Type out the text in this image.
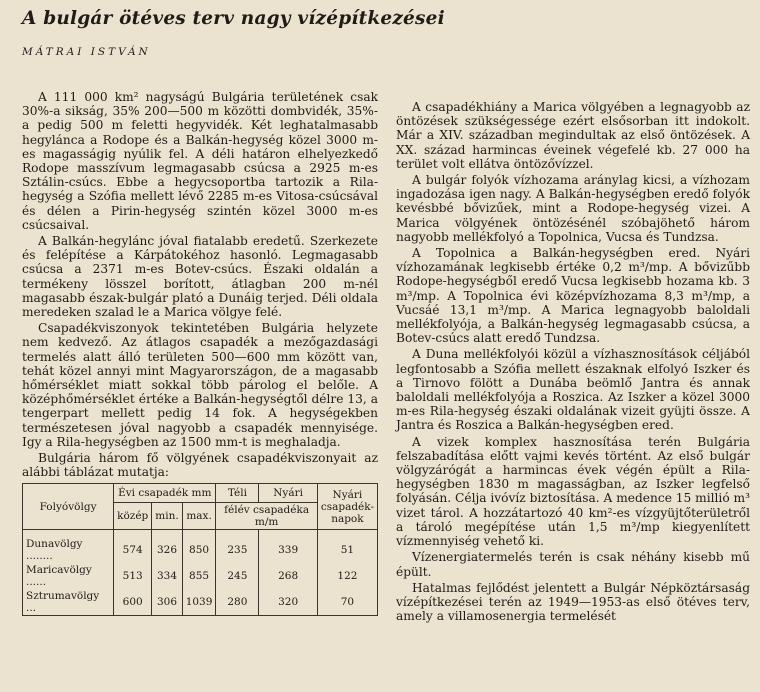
A bulgár ötéves terv nagy vízépítkezései
MÁTRAI ISTVÁN

A 111 000 km² nagyságú Bulgária területének csak 30%-a sikság, 35% 200—500 m közötti dombvidék, 35%-a pedig 500 m feletti hegyvidék. Két leghatalmasabb hegylánca a Rodope és a Balkán-hegység közel 3000 m-es magasságig nyúlik fel. A déli határon elhelyezkedő Rodope masszívum legmagasabb csúcsa a 2925 m-es Sztálin-csúcs. Ebbe a hegycsoportba tartozik a Rila-hegység a Szófia mellett lévő 2285 m-es Vitosa-csúcsával és délen a Pirin-hegység szintén közel 3000 m-es csúcsaival.

A Balkán-hegylánc jóval fiatalabb eredetű. Szerkezete és felépítése a Kárpátokéhoz hasonló. Legmagasabb csúcsa a 2371 m-es Botev-csúcs. Északi oldalán a termékeny lösszel borított, átlagban 200 m-nél magasabb észak-bulgár plató a Dunáig terjed. Déli oldala meredeken szalad le a Marica völgye felé.

Csapadékviszonyok tekintetében Bulgária helyzete nem kedvező. Az átlagos csapadék a mezőgazdasági termelés alatt álló területen 500—600 mm között van, tehát közel annyi mint Magyarországon, de a magasabb hőmérséklet miatt sokkal több párolog el belőle. A középhőmérséklet értéke a Balkán-hegységtől délre 13, a tengerpart mellett pedig 14 fok. A hegységekben természetesen jóval nagyobb a csapadék mennyisége. Igy a Rila-hegységben az 1500 mm-t is meghaladja.

Bulgária három fő völgyének csapadékviszonyait az alábbi táblázat mutatja:

Folyóvölgy	Évi csapadék mm			Téli	Nyári	Nyári csapadék-napok
	közép	min.	max.	félév csapadéka m/m		
Dunavölgy ........	574	326	850	235	339	51
Maricavölgy ......	513	334	855	245	268	122
Sztrumavölgy ...	600	306	1039	280	320	70

A csapadékhiány a Marica völgyében a legnagyobb az öntözések szükségessége ezért elsősorban itt indokolt. Már a XIV. században megindultak az első öntözések. A XX. század harmincas éveinek végefelé kb. 27 000 ha terület volt ellátva öntözővízzel.

A bulgár folyók vízhozama aránylag kicsi, a vízhozam ingadozása igen nagy. A Balkán-hegységben eredő folyók kevésbbé bővizűek, mint a Rodope-hegység vizei. A Marica völgyének öntözésénél szóbajöhető három nagyobb mellékfolyó a Topolnica, Vucsa és Tundzsa.

A Topolnica a Balkán-hegységben ered. Nyári vízhozamának legkisebb értéke 0,2 m³/mp. A bővizűbb Rodope-hegységből eredő Vucsa legkisebb hozama kb. 3 m³/mp. A Topolnica évi középvízhozama 8,3 m³/mp, a Vucsáé 13,1 m³/mp. A Marica legnagyobb baloldali mellékfolyója, a Balkán-hegység legmagasabb csúcsa, a Botev-csúcs alatt eredő Tundzsa.

A Duna mellékfolyói közül a vízhasznosítások céljából legfontosabb a Szófia mellett északnak elfolyó Iszker és a Tirnovo fölött a Dunába beömlő Jantra és annak baloldali mellékfolyója a Roszica. Az Iszker a közel 3000 m-es Rila-hegység északi oldalának vizeit gyüjti össze. A Jantra és Roszica a Balkán-hegységben ered.

A vizek komplex hasznosítása terén Bulgária felszabadítása előtt vajmi kevés történt. Az első bulgár völgyzárógát a harmincas évek végén épült a Rila-hegységben 1830 m magasságban, az Iszker legfelső folyásán. Célja ivóvíz biztosítása. A medence 15 millió m³ vizet tárol. A hozzátartozó 40 km²-es vízgyüjtőterületről a tároló megépítése után 1,5 m³/mp kiegyenlített vízmennyiség vehető ki.

Vízenergiatermelés terén is csak néhány kisebb mű épült.

Hatalmas fejlődést jelentett a Bulgár Népköztársaság vízépítkezései terén az 1949—1953-as első ötéves terv, amely a villamosenergia termelését
